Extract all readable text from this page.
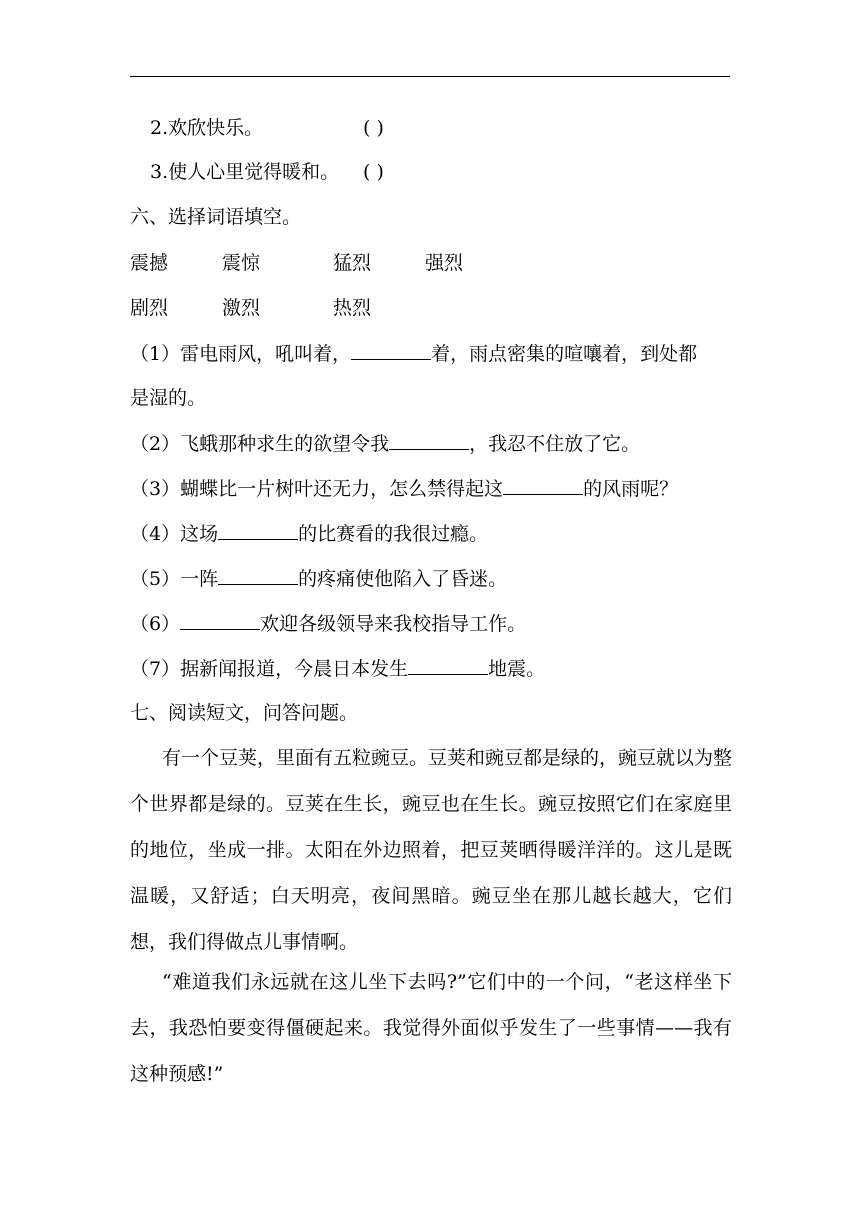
2.欢欣快乐。	( )
3.使人心里觉得暖和。 ( )
六、选择词语填空。
震撼	震惊	猛烈	强烈
剧烈	激烈	热烈
（1）雷电雨风，吼叫着，	着，雨点密集的喧嚷着，到处都
是湿的。
（2）飞蛾那种求生的欲望令我	，我忍不住放了它。
（3）蝴蝶比一片树叶还无力，怎么禁得起这	的风雨呢？
（4）这场	的比赛看的我很过瘾。
（5）一阵	的疼痛使他陷入了昏迷。
（6）	欢迎各级领导来我校指导工作。
（7）据新闻报道，今晨日本发生	地震。
七、阅读短文，问答问题。
有一个豆荚，里面有五粒豌豆。豆荚和豌豆都是绿的，豌豆就以为整个世界都是绿的。豆荚在生长，豌豆也在生长。豌豆按照它们在家庭里的地位，坐成一排。太阳在外边照着，把豆荚晒得暖洋洋的。这儿是既温暖，又舒适；白天明亮，夜间黑暗。豌豆坐在那儿越长越大，它们想，我们得做点儿事情啊。
“难道我们永远就在这儿坐下去吗?”它们中的一个问，“老这样坐下去，我恐怕要变得僵硬起来。我觉得外面似乎发生了一些事情——我有这种预感!”
